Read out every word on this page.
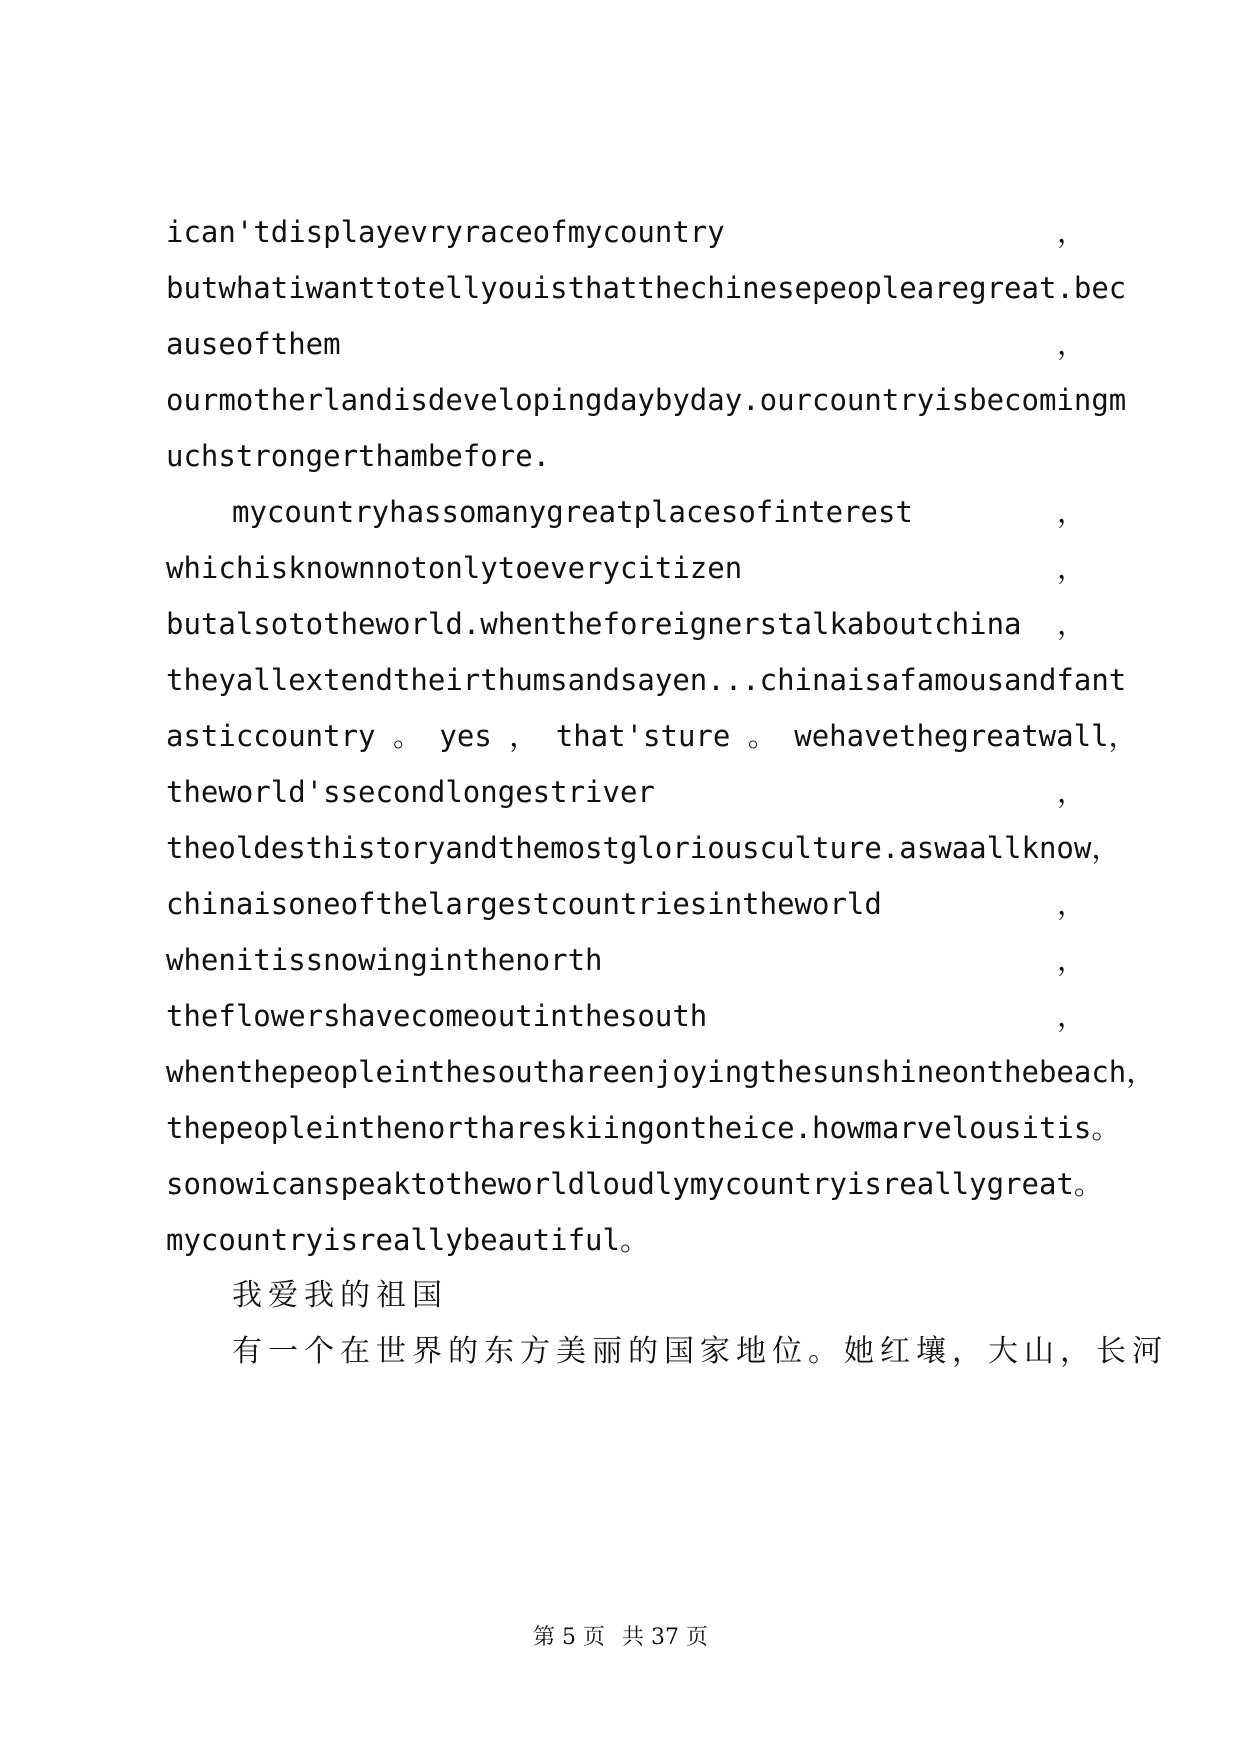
ican'tdisplayevryraceofmycountry	，
butwhatiwanttotellyouisthatthechinesepeoplearegreat.bec
auseofthem	，
ourmotherlandisdevelopingdaybyday.ourcountryisbecomingm
uchstrongerthambefore.
mycountryhassomanygreatplacesofinterest	，
whichisknownnotonlytoeverycitizen	，
butalsototheworld.whentheforeignerstalkaboutchina ，
theyallextendtheirthumsandsayen...chinaisafamousandfant
asticcountry 。 yes ， that'sture 。 wehavethegreatwall ，
theworld'ssecondlongestriver	，
theoldesthistoryandthemostgloriousculture.aswaallknow ，
chinaisoneofthelargestcountriesintheworld	，
whenitissnowinginthenorth	，
theflowershavecomeoutinthesouth	，
whenthepeopleinthesouthareenjoyingthesunshineonthebeach ，
thepeopleinthenorthareskiingontheice.howmarvelousitis 。
sonowicanspeaktotheworldloudlymycountryisreallygreat 。
mycountryisreallybeautiful。
我爱我的祖国
有一个在世界的东方美丽的国家地位。她红壤，大山，长河
第 5 页 共 37 页
